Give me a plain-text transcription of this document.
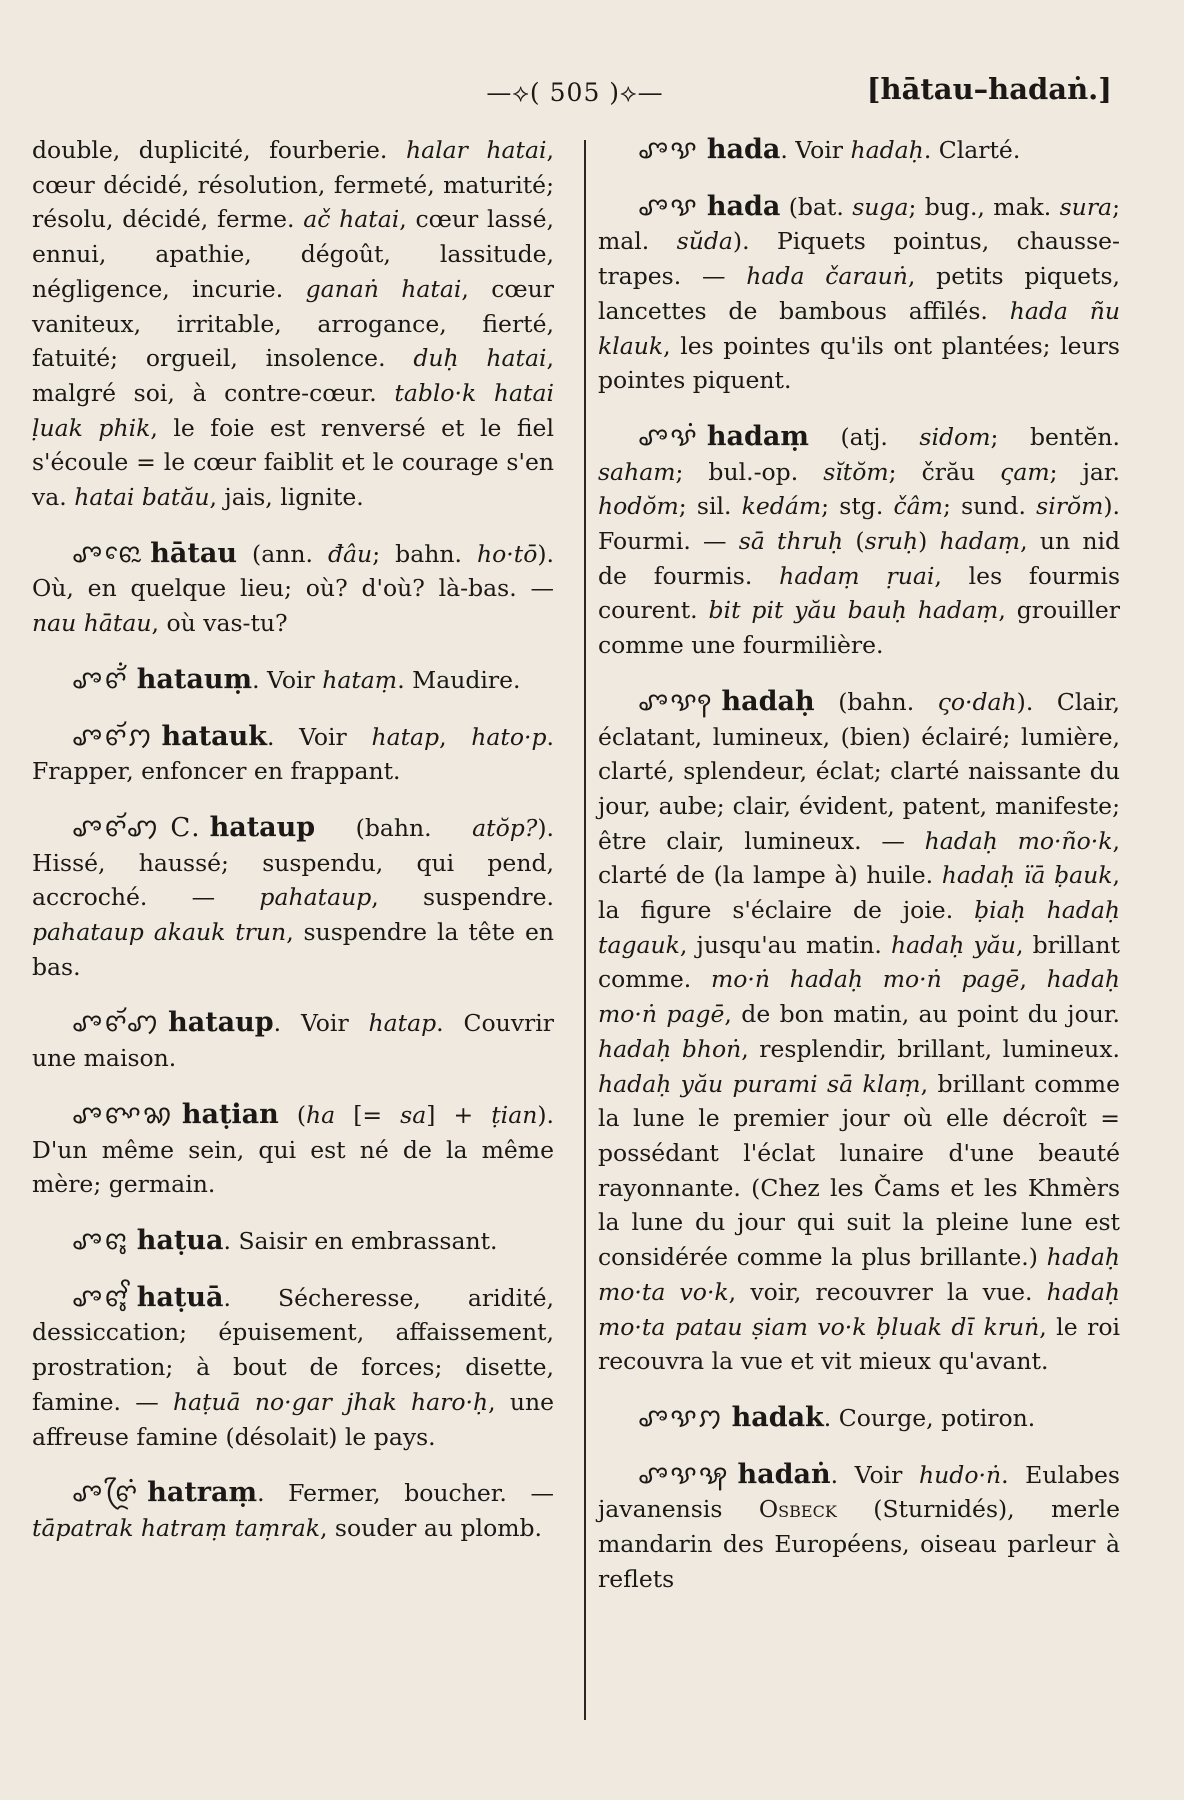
—⟡( 505 )⟡—	[hātau–hadaṅ.]

double, duplicité, fourberie. halar hatai, cœur décidé, résolution, fermeté, maturité; résolu, décidé, ferme. ač hatai, cœur lassé, ennui, apathie, dégoût, lassitude, négligence, incurie. ganaṅ hatai, cœur vaniteux, irritable, arrogance, fierté, fatuité; orgueil, insolence. duḥ hatai, malgré soi, à contre-cœur. tablo·k hatai ḷuak phik, le foie est renversé et le fiel s'écoule = le cœur faiblit et le courage s'en va. hatai batău, jais, lignite.

ꨨꨓꨯꨭ hātau (ann. đâu; bahn. ho·tō). Où, en quelque lieu; où? d'où? là-bas. — nau hātau, où vas-tu?

ꨨꨓꨮꩌ hatauṃ. Voir hataṃ. Maudire.

ꨨꨓꨮꩀ hatauk. Voir hatap, hato·p. Frapper, enfoncer en frappant.

ꨨꨓꨮꩇ C. hataup (bahn. atŏp?). Hissé, haussé; suspendu, qui pend, accroché. — pahataup, suspendre. pahataup akauk trun, suspendre la tête en bas.

ꨨꨓꨮꩇ hataup. Voir hatap. Couvrir une maison.

ꨨꨓꨳꩆ haṭian (ha [= sa] + ṭian). D'un même sein, qui est né de la même mère; germain.

ꨨꨓꨶ haṭua. Saisir en embrassant.

ꨨꨓꨶꨩ haṭuā. Sécheresse, aridité, dessiccation; épuisement, affaissement, prostration; à bout de forces; disette, famine. — haṭuā no·gar jhak haro·ḥ, une affreuse famine (désolait) le pays.

ꨨꨓꨴꩌ hatraṃ. Fermer, boucher. — tāpatrak hatraṃ taṃrak, souder au plomb.

ꨨꨕ hada. Voir hadaḥ. Clarté.

ꨨꨕ hada (bat. suga; bug., mak. sura; mal. sŭda). Piquets pointus, chausse-trapes. — hada čarauṅ, petits piquets, lancettes de bambous affilés. hada ñu klauk, les pointes qu'ils ont plantées; leurs pointes piquent.

ꨨꨕꩌ hadaṃ (atj. sidom; bentĕn. saham; bul.-op. sĭtŏm; črău ςam; jar. hodŏm; sil. kedám; stg. čâm; sund. sirŏm). Fourmi. — sā thruḥ (sruḥ) hadaṃ, un nid de fourmis. hadaṃ ṛuai, les fourmis courent. bit pit yău bauḥ hadaṃ, grouiller comme une fourmilière.

ꨨꨕꩍ hadaḥ (bahn. ςo·dah). Clair, éclatant, lumineux, (bien) éclairé; lumière, clarté, splendeur, éclat; clarté naissante du jour, aube; clair, évident, patent, manifeste; être clair, lumineux. — hadaḥ mo·ño·k, clarté de (la lampe à) huile. hadaḥ ïā ḅauk, la figure s'éclaire de joie. ḅiaḥ hadaḥ tagauk, jusqu'au matin. hadaḥ yău, brillant comme. mo·ṅ hadaḥ mo·ṅ pagē, hadaḥ mo·ṅ pagē, de bon matin, au point du jour. hadaḥ bhoṅ, resplendir, brillant, lumineux. hadaḥ yău purami sā klaṃ, brillant comme la lune le premier jour où elle décroît = possédant l'éclat lunaire d'une beauté rayonnante. (Chez les Čams et les Khmèrs la lune du jour qui suit la pleine lune est considérée comme la plus brillante.) hadaḥ mo·ta vo·k, voir, recouvrer la vue. hadaḥ mo·ta patau ṣiam vo·k ḅluak dī kruṅ, le roi recouvra la vue et vit mieux qu'avant.

ꨨꨕꩀ hadak. Courge, potiron.

ꨨꨕꩂ hadaṅ. Voir hudo·ṅ. Eulabes javanensis Osbeck (Sturnidés), merle mandarin des Européens, oiseau parleur à reflets
